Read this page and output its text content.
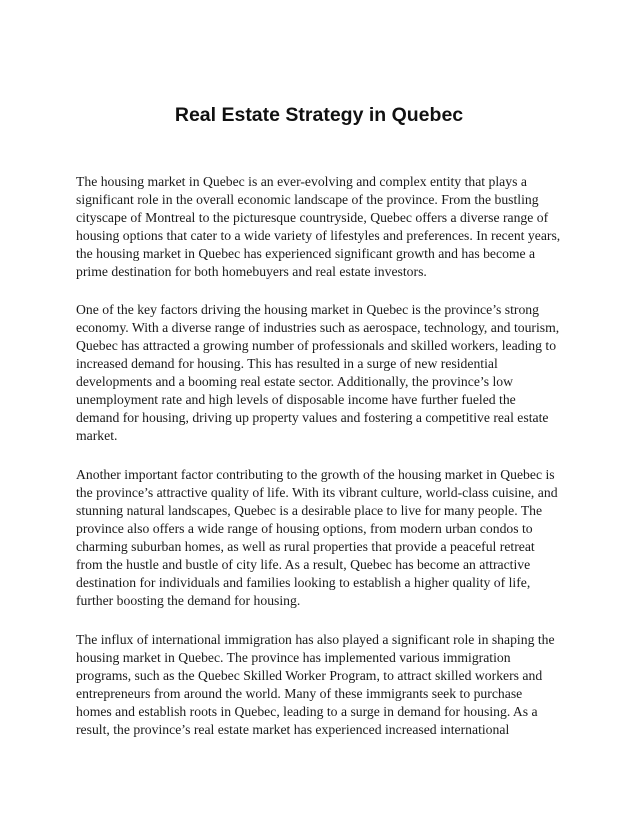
Real Estate Strategy in Quebec

The housing market in Quebec is an ever-evolving and complex entity that plays a
significant role in the overall economic landscape of the province. From the bustling
cityscape of Montreal to the picturesque countryside, Quebec offers a diverse range of
housing options that cater to a wide variety of lifestyles and preferences. In recent years,
the housing market in Quebec has experienced significant growth and has become a
prime destination for both homebuyers and real estate investors.

One of the key factors driving the housing market in Quebec is the province’s strong
economy. With a diverse range of industries such as aerospace, technology, and tourism,
Quebec has attracted a growing number of professionals and skilled workers, leading to
increased demand for housing. This has resulted in a surge of new residential
developments and a booming real estate sector. Additionally, the province’s low
unemployment rate and high levels of disposable income have further fueled the
demand for housing, driving up property values and fostering a competitive real estate
market.

Another important factor contributing to the growth of the housing market in Quebec is
the province’s attractive quality of life. With its vibrant culture, world-class cuisine, and
stunning natural landscapes, Quebec is a desirable place to live for many people. The
province also offers a wide range of housing options, from modern urban condos to
charming suburban homes, as well as rural properties that provide a peaceful retreat
from the hustle and bustle of city life. As a result, Quebec has become an attractive
destination for individuals and families looking to establish a higher quality of life,
further boosting the demand for housing.

The influx of international immigration has also played a significant role in shaping the
housing market in Quebec. The province has implemented various immigration
programs, such as the Quebec Skilled Worker Program, to attract skilled workers and
entrepreneurs from around the world. Many of these immigrants seek to purchase
homes and establish roots in Quebec, leading to a surge in demand for housing. As a
result, the province’s real estate market has experienced increased international
